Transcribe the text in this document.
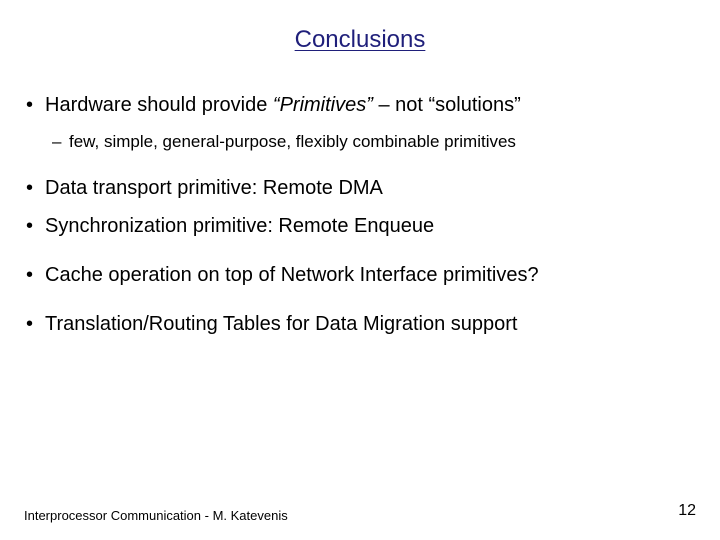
Conclusions
• Hardware should provide “Primitives” – not “solutions”
– few, simple, general-purpose, flexibly combinable primitives
• Data transport primitive: Remote DMA
• Synchronization primitive: Remote Enqueue
• Cache operation on top of Network Interface primitives?
• Translation/Routing Tables for Data Migration support
Interprocessor Communication - M. Katevenis	12
